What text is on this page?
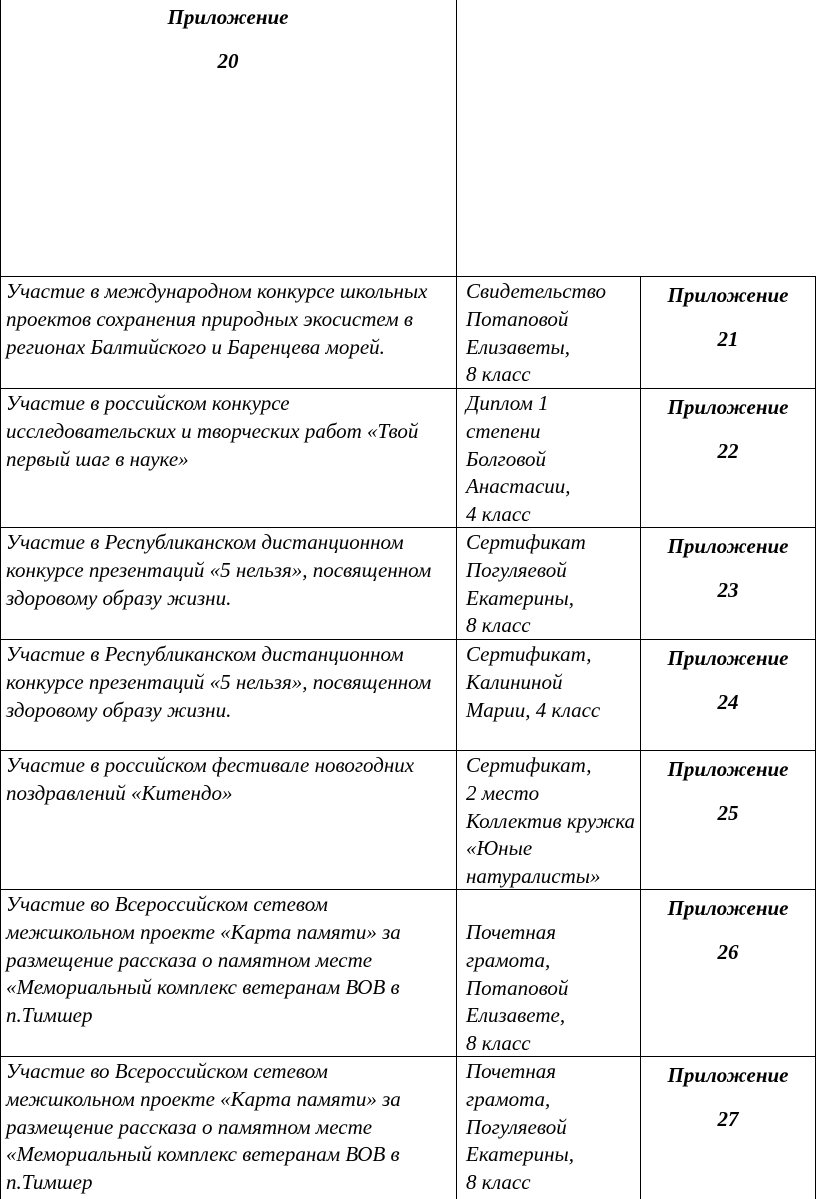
Приложение
20
Участие в международном конкурсе школьных проектов сохранения природных экосистем в регионах Балтийского и Баренцева морей.
Свидетельство Потаповой Елизаветы,
8 класс
Приложение
21
Участие в российском конкурсе исследовательских и творческих работ «Твой первый шаг в науке»
Диплом 1 степени Болговой Анастасии,
4 класс
Приложение
22
Участие в Республиканском дистанционном конкурсе презентаций «5 нельзя», посвященном здоровому образу жизни.
Сертификат Погуляевой Екатерины,
8 класс
Приложение
23
Участие в Республиканском дистанционном конкурсе презентаций «5 нельзя», посвященном здоровому образу жизни.
Сертификат, Калининой Марии, 4 класс
Приложение
24
Участие в российском фестивале новогодних поздравлений «Китендо»
Сертификат,
2 место Коллектив кружка «Юные натуралисты»
Приложение
25
Участие во Всероссийском сетевом межшкольном проекте «Карта памяти» за размещение рассказа о памятном месте «Мемориальный комплекс ветеранам ВОВ в п.Тимшер
Почетная грамота, Потаповой Елизавете,
8 класс
Приложение
26
Участие во Всероссийском сетевом межшкольном проекте «Карта памяти» за размещение рассказа о памятном месте «Мемориальный комплекс ветеранам ВОВ в п.Тимшер
Почетная грамота, Погуляевой Екатерины,
8 класс
Приложение
27
